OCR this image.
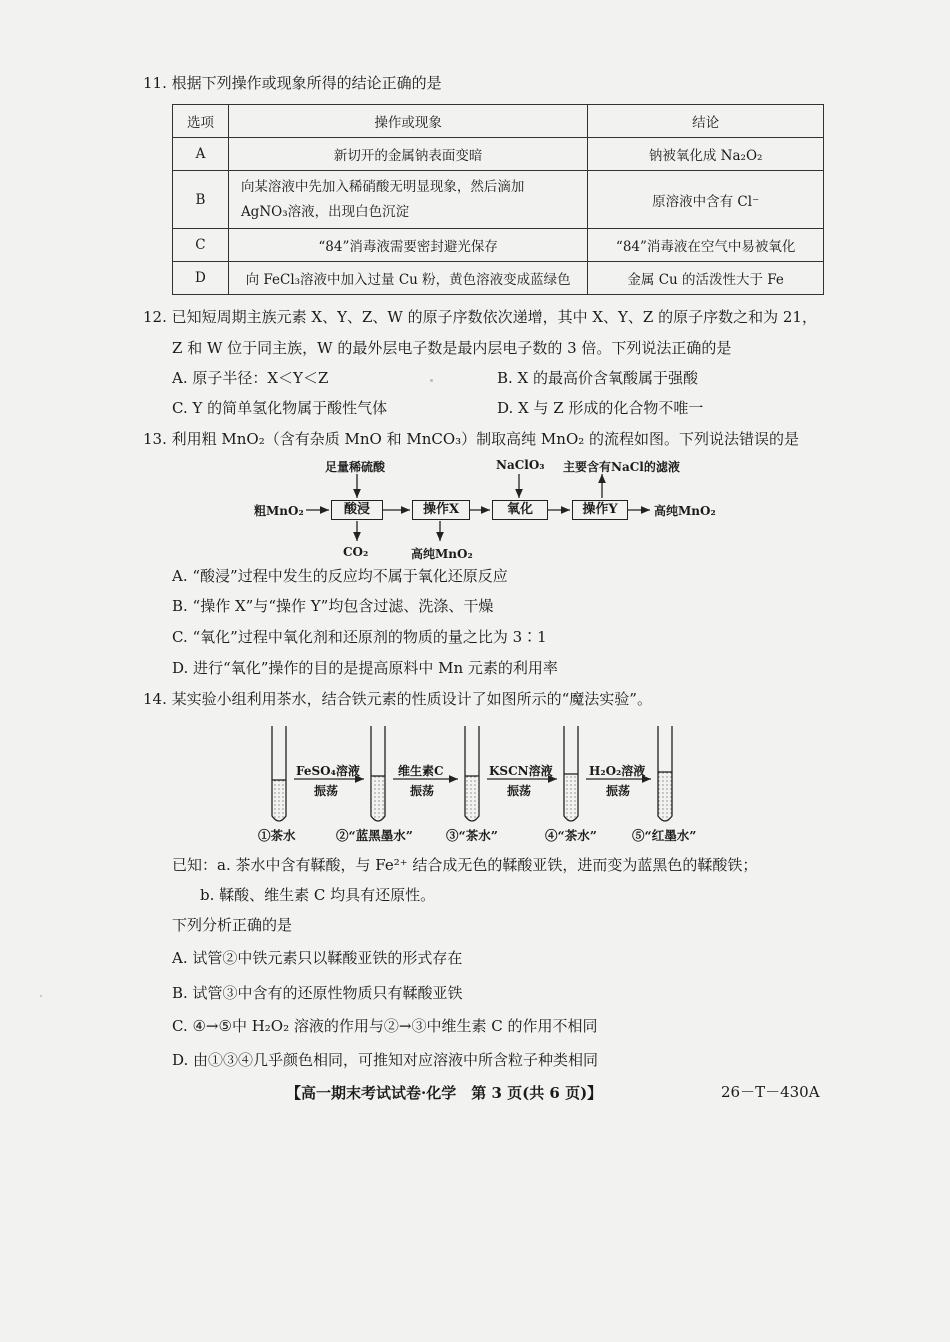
11. 根据下列操作或现象所得的结论正确的是
选项	操作或现象	结论
A	新切开的金属钠表面变暗	钠被氧化成 Na₂O₂
B	向某溶液中先加入稀硝酸无明显现象，然后滴加
AgNO₃溶液，出现白色沉淀	原溶液中含有 Cl⁻
C	“84”消毒液需要密封避光保存	“84”消毒液在空气中易被氧化
D	向 FeCl₃溶液中加入过量 Cu 粉，黄色溶液变成蓝绿色	金属 Cu 的活泼性大于 Fe
12. 已知短周期主族元素 X、Y、Z、W 的原子序数依次递增，其中 X、Y、Z 的原子序数之和为 21，
Z 和 W 位于同主族，W 的最外层电子数是最内层电子数的 3 倍。下列说法正确的是
A. 原子半径：X＜Y＜Z	B. X 的最高价含氧酸属于强酸
C. Y 的简单氢化物属于酸性气体	D. X 与 Z 形成的化合物不唯一
13. 利用粗 MnO₂（含有杂质 MnO 和 MnCO₃）制取高纯 MnO₂ 的流程如图。下列说法错误的是
粗MnO₂	酸浸
足量稀硫酸
CO₂
操作X
高纯MnO₂
氧化
NaClO₃
操作Y
主要含有NaCl的滤液
高纯MnO₂
A. “酸浸”过程中发生的反应均不属于氧化还原反应
B. “操作 X”与“操作 Y”均包含过滤、洗涤、干燥
C. “氧化”过程中氧化剂和还原剂的物质的量之比为 3∶1
D. 进行“氧化”操作的目的是提高原料中 Mn 元素的利用率
14. 某实验小组利用茶水，结合铁元素的性质设计了如图所示的“魔法实验”。
FeSO₄溶液
振荡
维生素C
振荡
KSCN溶液
振荡
H₂O₂溶液
振荡
①茶水	②“蓝黑墨水”	③“茶水”	④“茶水”	⑤“红墨水”
已知：a. 茶水中含有鞣酸，与 Fe²⁺ 结合成无色的鞣酸亚铁，进而变为蓝黑色的鞣酸铁；
b. 鞣酸、维生素 C 均具有还原性。
下列分析正确的是
A. 试管②中铁元素只以鞣酸亚铁的形式存在
B. 试管③中含有的还原性物质只有鞣酸亚铁
C. ④→⑤中 H₂O₂ 溶液的作用与②→③中维生素 C 的作用不相同
D. 由①③④几乎颜色相同，可推知对应溶液中所含粒子种类相同
【高一期末考试试卷·化学　第 3 页(共 6 页)】	26－T－430A
